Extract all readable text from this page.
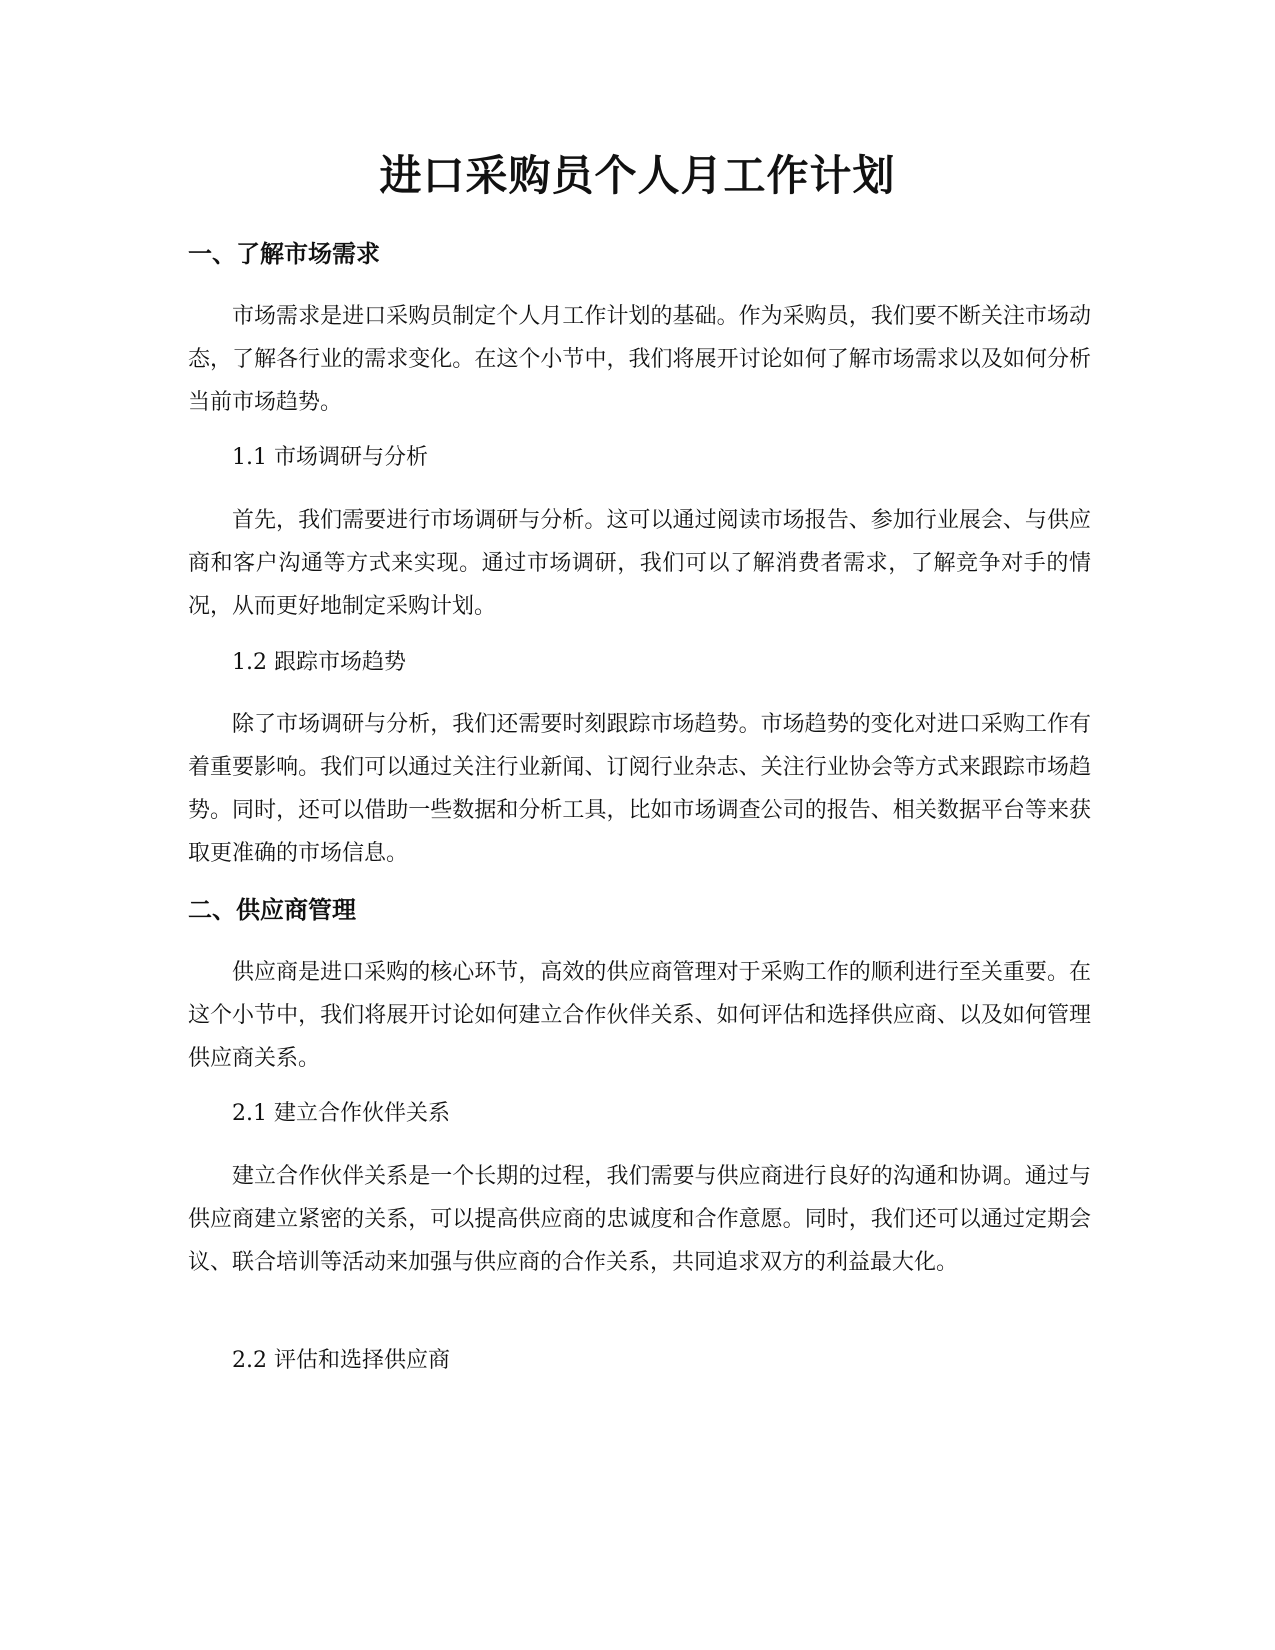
进口采购员个人月工作计划
一、了解市场需求

市场需求是进口采购员制定个人月工作计划的基础。作为采购员，我们要不断关注市场动态，了解各行业的需求变化。在这个小节中，我们将展开讨论如何了解市场需求以及如何分析当前市场趋势。

1.1 市场调研与分析

首先，我们需要进行市场调研与分析。这可以通过阅读市场报告、参加行业展会、与供应商和客户沟通等方式来实现。通过市场调研，我们可以了解消费者需求，了解竞争对手的情况，从而更好地制定采购计划。

1.2 跟踪市场趋势

除了市场调研与分析，我们还需要时刻跟踪市场趋势。市场趋势的变化对进口采购工作有着重要影响。我们可以通过关注行业新闻、订阅行业杂志、关注行业协会等方式来跟踪市场趋势。同时，还可以借助一些数据和分析工具，比如市场调查公司的报告、相关数据平台等来获取更准确的市场信息。

二、供应商管理

供应商是进口采购的核心环节，高效的供应商管理对于采购工作的顺利进行至关重要。在这个小节中，我们将展开讨论如何建立合作伙伴关系、如何评估和选择供应商、以及如何管理供应商关系。

2.1 建立合作伙伴关系

建立合作伙伴关系是一个长期的过程，我们需要与供应商进行良好的沟通和协调。通过与供应商建立紧密的关系，可以提高供应商的忠诚度和合作意愿。同时，我们还可以通过定期会议、联合培训等活动来加强与供应商的合作关系，共同追求双方的利益最大化。

2.2 评估和选择供应商
